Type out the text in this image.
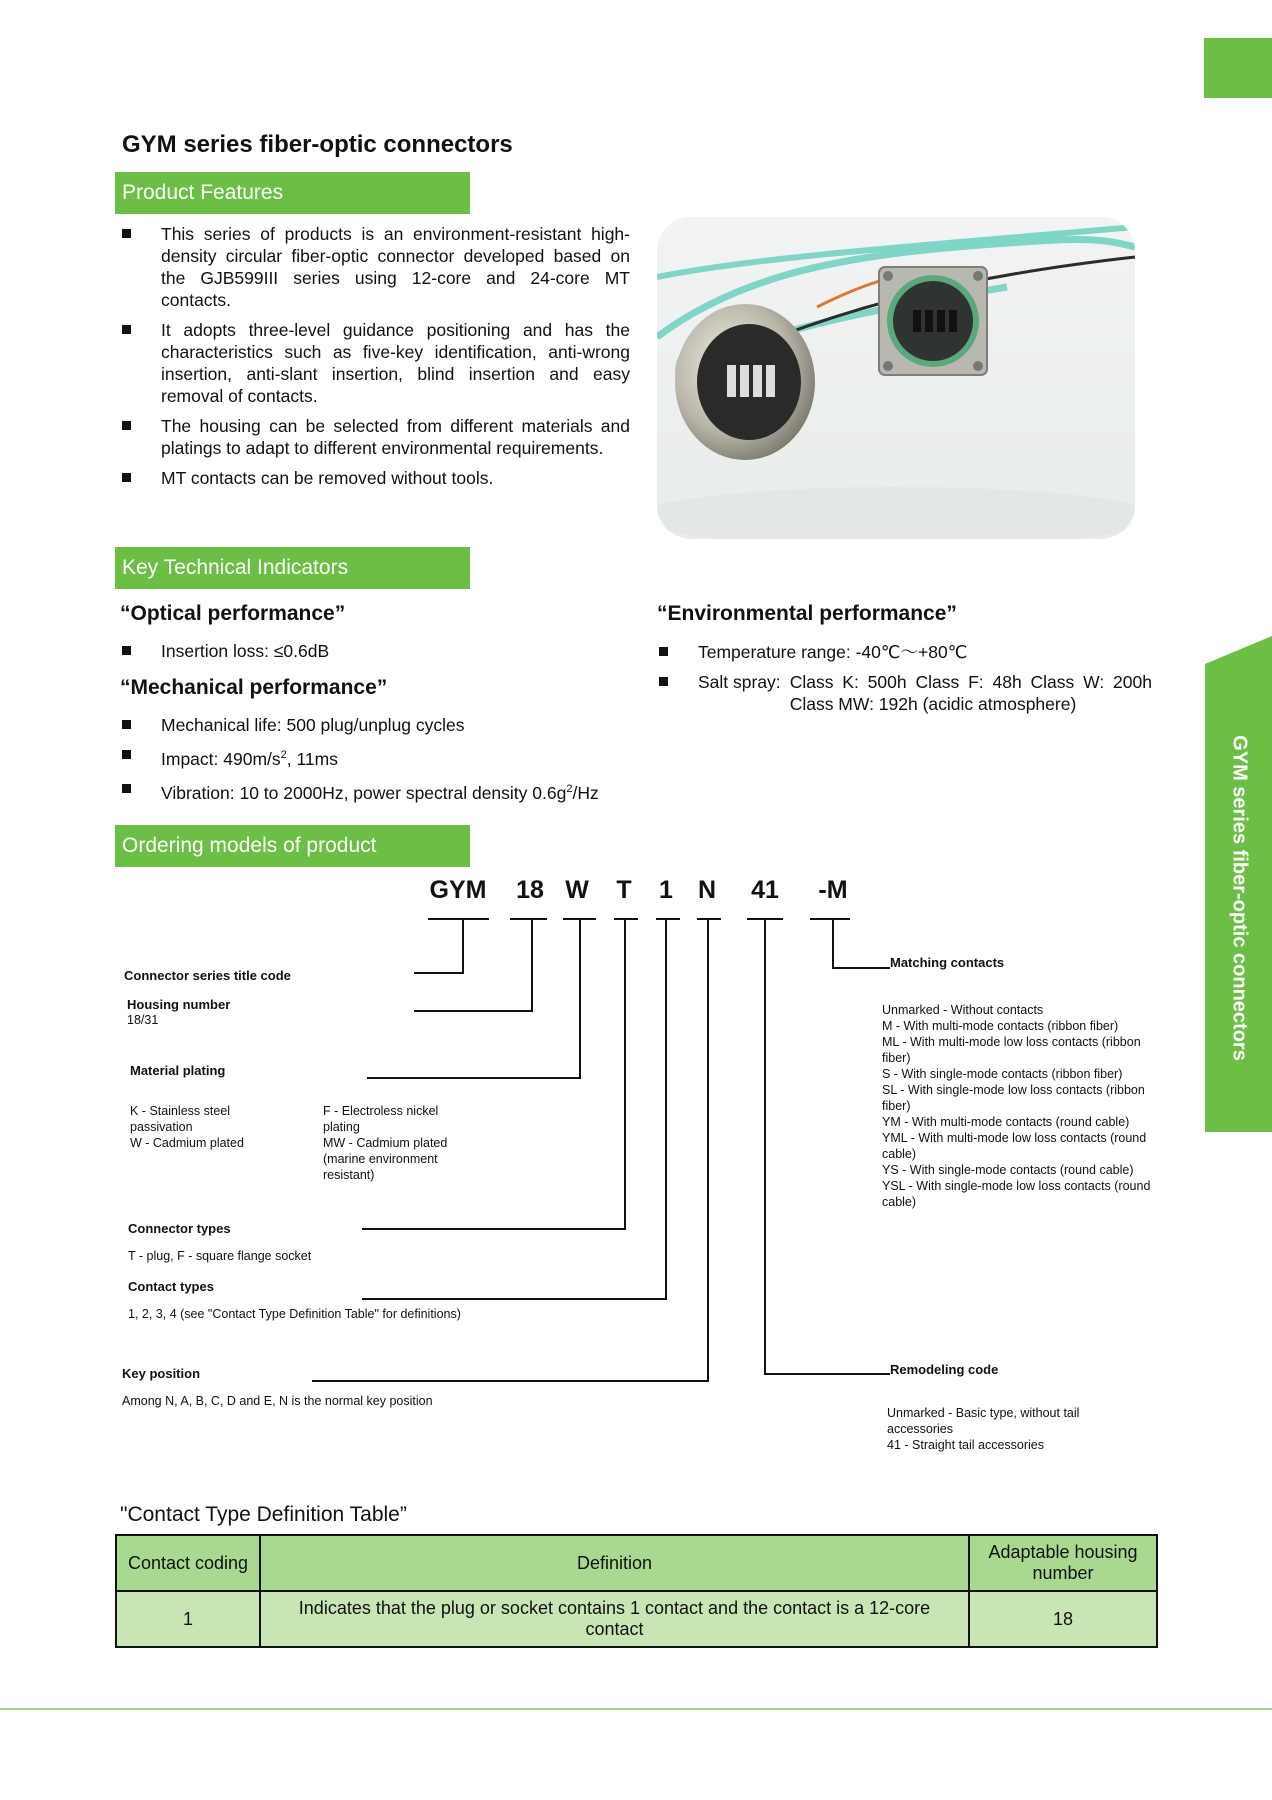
GYM series fiber-optic connectors
GYM series fiber-optic connectors
Product Features
This series of products is an environment-resistant high-density circular fiber-optic connector developed based on the GJB599III series using 12-core and 24-core MT contacts.
It adopts three-level guidance positioning and has the characteristics such as five-key identification, anti-wrong insertion, anti-slant insertion, blind insertion and easy removal of contacts.
The housing can be selected from different materials and platings to adapt to different environmental requirements.
MT contacts can be removed without tools.
Key Technical Indicators
“Optical performance”
Insertion loss: ≤0.6dB
“Mechanical performance”
Mechanical life: 500 plug/unplug cycles
Impact: $490m/s^2$, 11ms
Vibration: 10 to 2000Hz, power spectral density $0.6g^2/Hz$
“Environmental performance”
Temperature range: -40℃～+80℃
Salt spray: Class K: 500h Class F: 48h Class W: 200h Class MW: 192h (acidic atmosphere)
Ordering models of product
GYM	18 W	T	1	N	41	-M
Connector series title code
Housing number
18/31
Material plating
K - Stainless steel passivation
W - Cadmium plated
F - Electroless nickel plating
MW - Cadmium plated (marine environment resistant)
Connector types
T - plug, F - square flange socket
Contact types
1, 2, 3, 4 (see "Contact Type Definition Table" for definitions)
Key position
Among N, A, B, C, D and E, N is the normal key position
Matching contacts
Unmarked - Without contacts
M - With multi-mode contacts (ribbon fiber)
ML - With multi-mode low loss contacts (ribbon fiber)
S - With single-mode contacts (ribbon fiber)
SL - With single-mode low loss contacts (ribbon fiber)
YM - With multi-mode contacts (round cable)
YML - With multi-mode low loss contacts (round cable)
YS - With single-mode contacts (round cable)
YSL - With single-mode low loss contacts (round cable)
Remodeling code
Unmarked - Basic type, without tail accessories
41 - Straight tail accessories
"Contact Type Definition Table”
Contact coding	Definition	Adaptable housing number
1	Indicates that the plug or socket contains 1 contact and the contact is a 12-core contact	18
